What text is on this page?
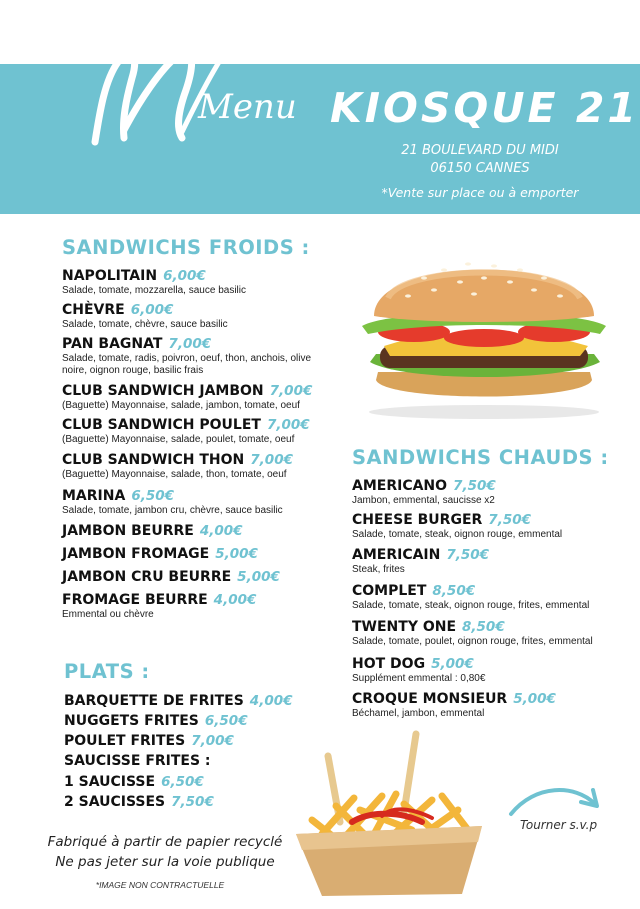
Menu KIOSQUE 21
21 BOULEVARD DU MIDI
06150 CANNES
*Vente sur place ou à emporter
SANDWICHS FROIDS :
NAPOLITAIN 6,00€
Salade, tomate, mozzarella, sauce basilic
CHÈVRE 6,00€
Salade, tomate, chèvre, sauce basilic
PAN BAGNAT 7,00€
Salade, tomate, radis, poivron, oeuf, thon, anchois, olive noire, oignon rouge, basilic frais
CLUB SANDWICH JAMBON 7,00€
(Baguette) Mayonnaise, salade, jambon, tomate, oeuf
CLUB SANDWICH POULET 7,00€
(Baguette) Mayonnaise, salade, poulet, tomate, oeuf
CLUB SANDWICH THON 7,00€
(Baguette) Mayonnaise, salade, thon, tomate, oeuf
MARINA 6,50€
Salade, tomate, jambon cru, chèvre, sauce basilic
JAMBON BEURRE 4,00€
JAMBON FROMAGE 5,00€
JAMBON CRU BEURRE 5,00€
FROMAGE BEURRE 4,00€
Emmental ou chèvre
PLATS :
BARQUETTE DE FRITES 4,00€
NUGGETS FRITES 6,50€
POULET FRITES 7,00€
SAUCISSE FRITES :
1 SAUCISSE 6,50€
2 SAUCISSES 7,50€
SANDWICHS CHAUDS :
AMERICANO 7,50€
Jambon, emmental, saucisse x2
CHEESE BURGER 7,50€
Salade, tomate, steak, oignon rouge, emmental
AMERICAIN 7,50€
Steak, frites
COMPLET 8,50€
Salade, tomate, steak, oignon rouge, frites, emmental
TWENTY ONE 8,50€
Salade, tomate, poulet, oignon rouge, frites, emmental
HOT DOG 5,00€
Supplément emmental : 0,80€
CROQUE MONSIEUR 5,00€
Béchamel, jambon, emmental
Tourner s.v.p
Fabriqué à partir de papier recyclé
Ne pas jeter sur la voie publique
*IMAGE NON CONTRACTUELLE
